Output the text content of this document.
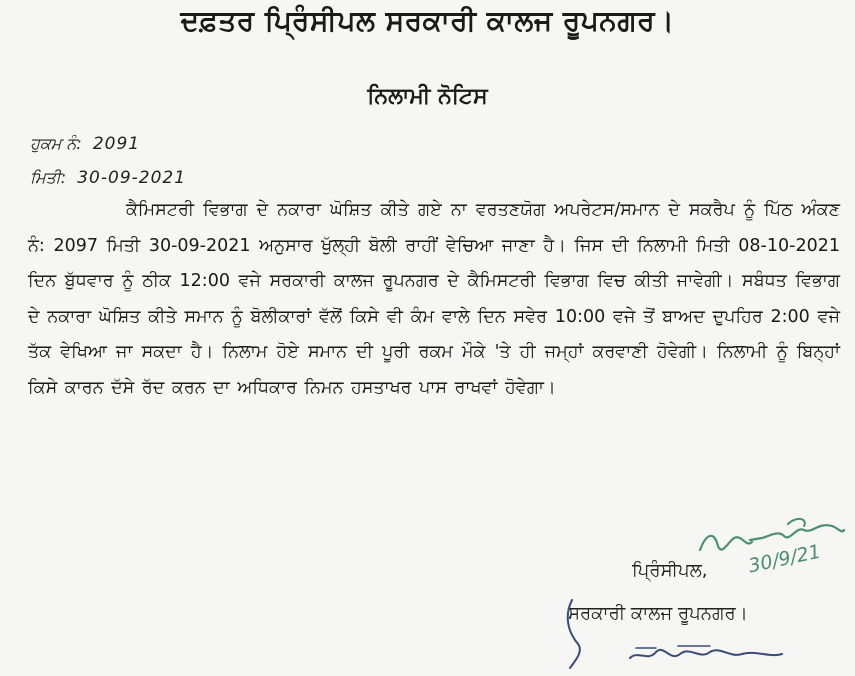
ਦਫ਼ਤਰ ਪ੍ਰਿੰਸੀਪਲ ਸਰਕਾਰੀ ਕਾਲਜ ਰੂਪਨਗਰ।
ਨਿਲਾਮੀ ਨੋਟਿਸ
ਹੁਕਮ ਨੰ: 2091
ਮਿਤੀ: 30-09-2021
ਕੈਮਿਸਟਰੀ ਵਿਭਾਗ ਦੇ ਨਕਾਰਾ ਘੋਸ਼ਿਤ ਕੀਤੇ ਗਏ ਨਾ ਵਰਤਣਯੋਗ ਅਪਰੇਟਸ/ਸਮਾਨ ਦੇ ਸਕਰੈਪ ਨੂੰ ਪਿੱਠ ਅੰਕਣ ਨੰ: 2097 ਮਿਤੀ 30-09-2021 ਅਨੁਸਾਰ ਖੁੱਲ੍ਹੀ ਬੋਲੀ ਰਾਹੀਂ ਵੇਚਿਆ ਜਾਣਾ ਹੈ। ਜਿਸ ਦੀ ਨਿਲਾਮੀ ਮਿਤੀ 08-10-2021 ਦਿਨ ਬੁੱਧਵਾਰ ਨੂੰ ਠੀਕ 12:00 ਵਜੇ ਸਰਕਾਰੀ ਕਾਲਜ ਰੂਪਨਗਰ ਦੇ ਕੈਮਿਸਟਰੀ ਵਿਭਾਗ ਵਿਚ ਕੀਤੀ ਜਾਵੇਗੀ। ਸਬੰਧਤ ਵਿਭਾਗ ਦੇ ਨਕਾਰਾ ਘੋਸ਼ਿਤ ਕੀਤੇ ਸਮਾਨ ਨੂੰ ਬੋਲੀਕਾਰਾਂ ਵੱਲੋਂ ਕਿਸੇ ਵੀ ਕੰਮ ਵਾਲੇ ਦਿਨ ਸਵੇਰ 10:00 ਵਜੇ ਤੋਂ ਬਾਅਦ ਦੁਪਹਿਰ 2:00 ਵਜੇ ਤੱਕ ਵੇਖਿਆ ਜਾ ਸਕਦਾ ਹੈ। ਨਿਲਾਮ ਹੋਏ ਸਮਾਨ ਦੀ ਪੂਰੀ ਰਕਮ ਮੌਕੇ 'ਤੇ ਹੀ ਜਮ੍ਹਾਂ ਕਰਵਾਣੀ ਹੋਵੇਗੀ। ਨਿਲਾਮੀ ਨੂੰ ਬਿਨ੍ਹਾਂ ਕਿਸੇ ਕਾਰਨ ਦੱਸੇ ਰੱਦ ਕਰਨ ਦਾ ਅਧਿਕਾਰ ਨਿਮਨ ਹਸਤਾਖਰ ਪਾਸ ਰਾਖਵਾਂ ਹੋਵੇਗਾ।
30/9/21
ਪ੍ਰਿੰਸੀਪਲ,
ਸਰਕਾਰੀ ਕਾਲਜ ਰੂਪਨਗਰ।
